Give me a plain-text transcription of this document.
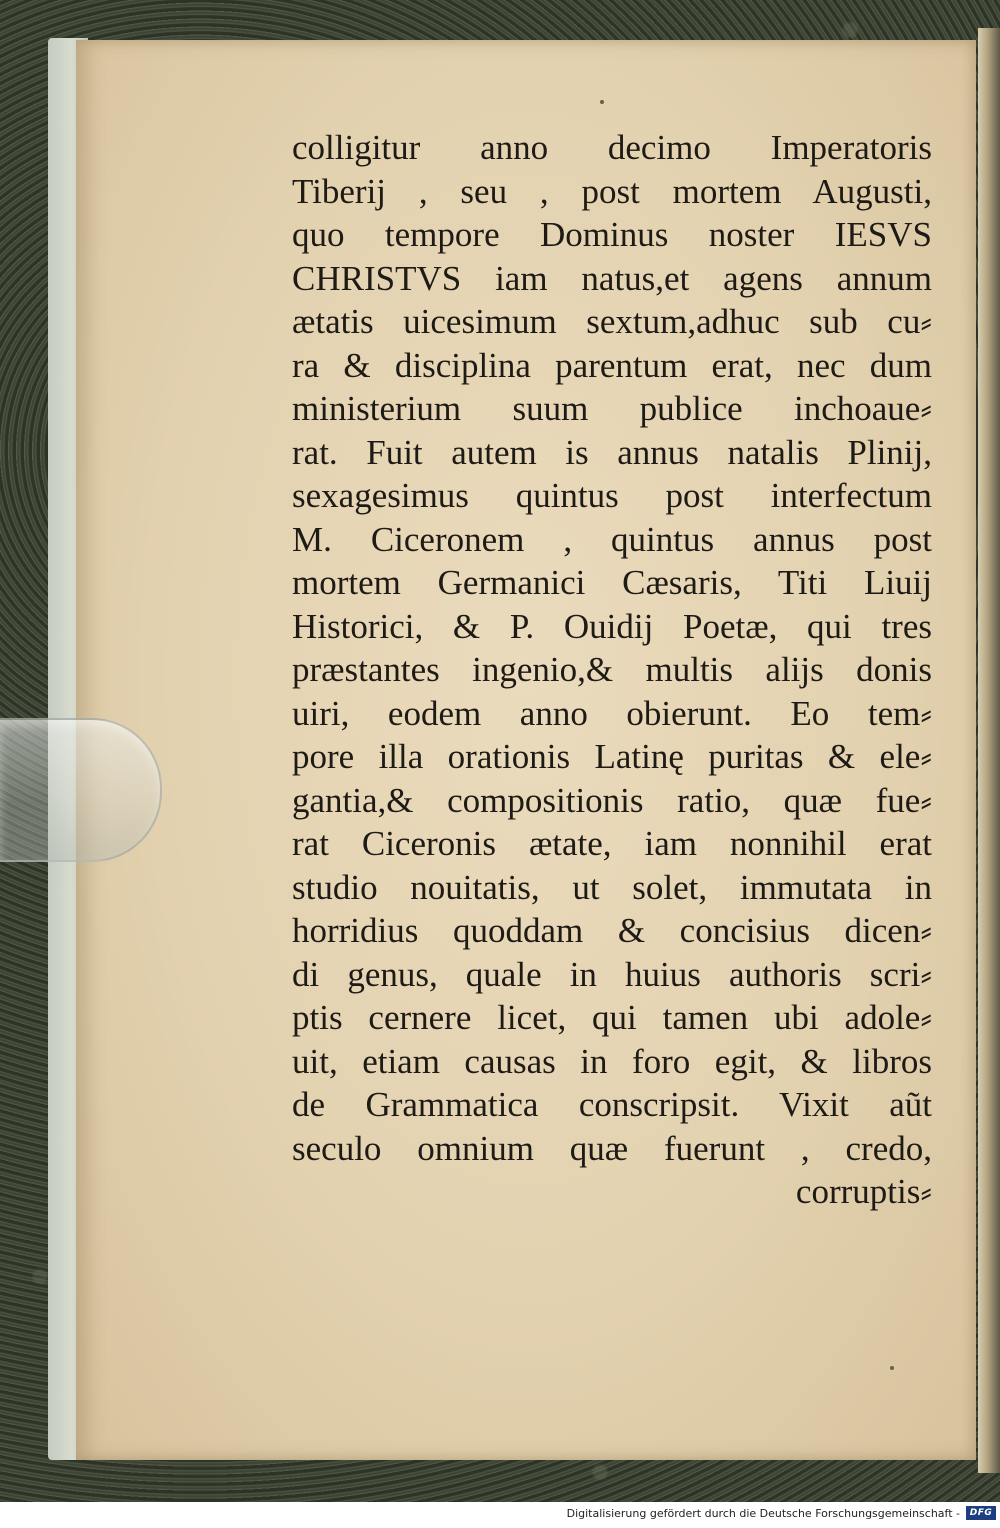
colligitur anno decimo Imperatoris
Tiberij , seu , post mortem Augusti,
quo tempore Dominus noster IESVS
CHRISTVS iam natus,et agens annum
ætatis uicesimum sextum,adhuc sub cu⸗
ra & disciplina parentum erat, nec dum
ministerium suum publice inchoaue⸗
rat. Fuit autem is annus natalis Plinij,
sexagesimus quintus post interfectum
M. Ciceronem , quintus annus post
mortem Germanici Cæsaris, Titi Liuij
Historici, & P. Ouidij Poetæ, qui tres
præstantes ingenio,& multis alijs donis
uiri, eodem anno obierunt. Eo tem⸗
pore illa orationis Latinę puritas & ele⸗
gantia,& compositionis ratio, quæ fue⸗
rat Ciceronis ætate, iam nonnihil erat
studio nouitatis, ut solet, immutata in
horridius quoddam & concisius dicen⸗
di genus, quale in huius authoris scri⸗
ptis cernere licet, qui tamen ubi adole⸗
uit, etiam causas in foro egit, & libros
de Grammatica conscripsit. Vixit aũt
seculo omnium quæ fuerunt , credo,
corruptis⸗
Digitalisierung gefördert durch die Deutsche Forschungsgemeinschaft -	DFG
